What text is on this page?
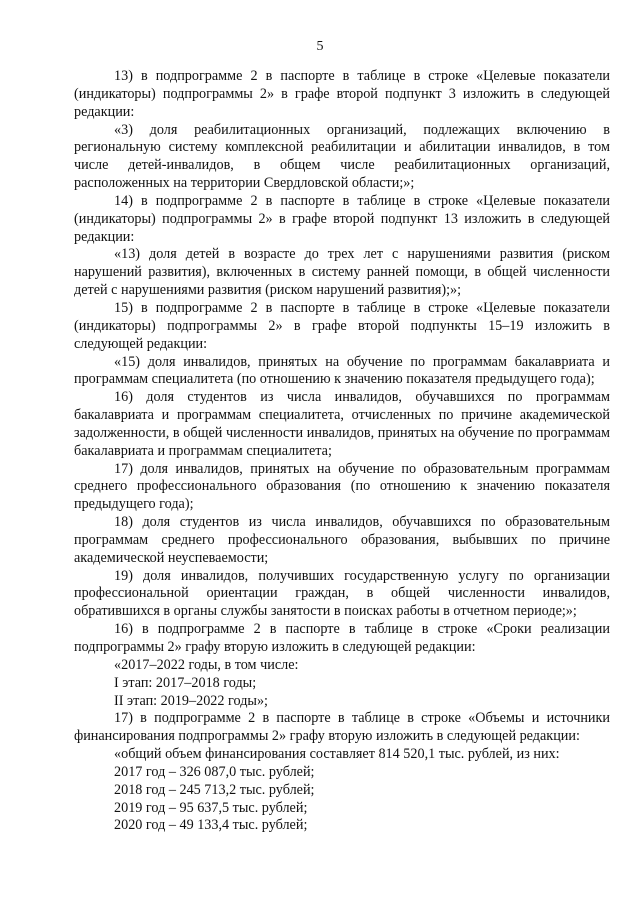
5

13) в подпрограмме 2 в паспорте в таблице в строке «Целевые показатели (индикаторы) подпрограммы 2» в графе второй подпункт 3 изложить в следующей редакции:

«3) доля реабилитационных организаций, подлежащих включению в региональную систему комплексной реабилитации и абилитации инвалидов, в том числе детей-инвалидов, в общем числе реабилитационных организаций, расположенных на территории Свердловской области;»;

14) в подпрограмме 2 в паспорте в таблице в строке «Целевые показатели (индикаторы) подпрограммы 2» в графе второй подпункт 13 изложить в следующей редакции:

«13) доля детей в возрасте до трех лет с нарушениями развития (риском нарушений развития), включенных в систему ранней помощи, в общей численности детей с нарушениями развития (риском нарушений развития);»;

15) в подпрограмме 2 в паспорте в таблице в строке «Целевые показатели (индикаторы) подпрограммы 2» в графе второй подпункты 15–19 изложить в следующей редакции:

«15) доля инвалидов, принятых на обучение по программам бакалавриата и программам специалитета (по отношению к значению показателя предыдущего года);

16) доля студентов из числа инвалидов, обучавшихся по программам бакалавриата и программам специалитета, отчисленных по причине академической задолженности, в общей численности инвалидов, принятых на обучение по программам бакалавриата и программам специалитета;

17) доля инвалидов, принятых на обучение по образовательным программам среднего профессионального образования (по отношению к значению показателя предыдущего года);

18) доля студентов из числа инвалидов, обучавшихся по образовательным программам среднего профессионального образования, выбывших по причине академической неуспеваемости;

19) доля инвалидов, получивших государственную услугу по организации профессиональной ориентации граждан, в общей численности инвалидов, обратившихся в органы службы занятости в поисках работы в отчетном периоде;»;

16) в подпрограмме 2 в паспорте в таблице в строке «Сроки реализации подпрограммы 2» графу вторую изложить в следующей редакции:

«2017–2022 годы, в том числе:

I этап: 2017–2018 годы;

II этап: 2019–2022 годы»;

17) в подпрограмме 2 в паспорте в таблице в строке «Объемы и источники финансирования подпрограммы 2» графу вторую изложить в следующей редакции:

«общий объем финансирования составляет 814 520,1 тыс. рублей, из них:

2017 год – 326 087,0 тыс. рублей;

2018 год – 245 713,2 тыс. рублей;

2019 год – 95 637,5 тыс. рублей;

2020 год – 49 133,4 тыс. рублей;
